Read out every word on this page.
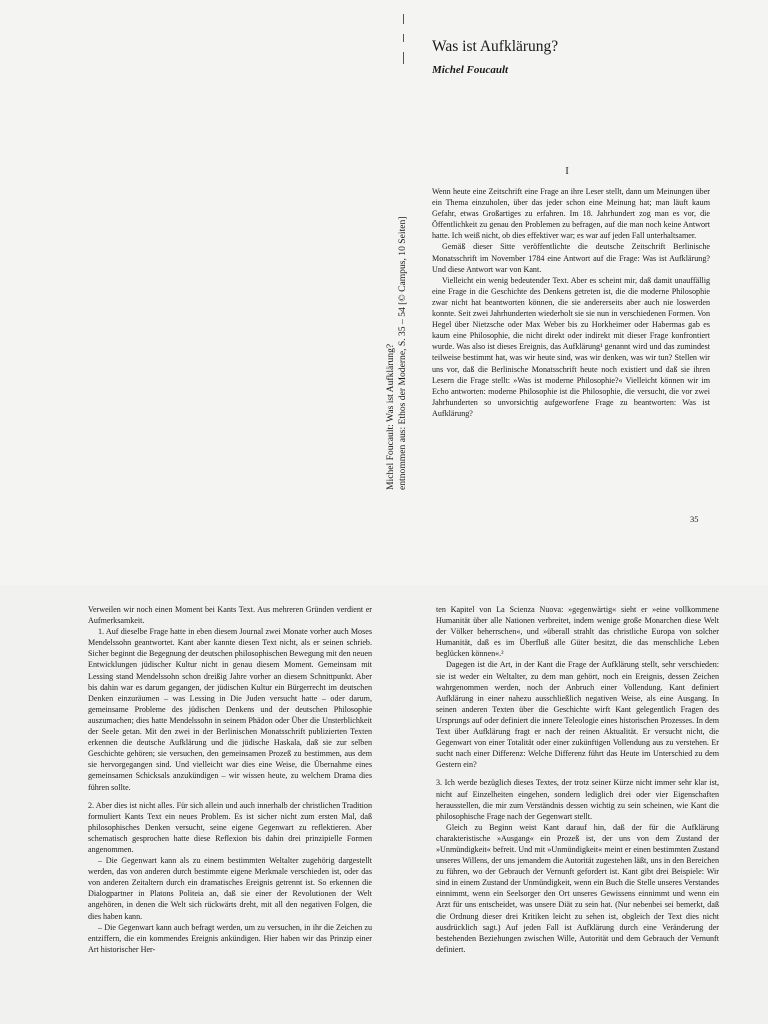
Was ist Aufklärung?
Michel Foucault
Michel Foucault: Was ist Aufklärung? entnommen aus: Ethos der Moderne, S. 35 – 54 [© Campus, 10 Seiten]
I

Wenn heute eine Zeitschrift eine Frage an ihre Leser stellt, dann um Meinungen über ein Thema einzuholen, über das jeder schon eine Meinung hat; man läuft kaum Gefahr, etwas Großartiges zu erfahren. Im 18. Jahrhundert zog man es vor, die Öffentlichkeit zu genau den Problemen zu befragen, auf die man noch keine Antwort hatte. Ich weiß nicht, ob dies effektiver war; es war auf jeden Fall unterhaltsamer.

Gemäß dieser Sitte veröffentlichte die deutsche Zeitschrift Berlinische Monatsschrift im November 1784 eine Antwort auf die Frage: Was ist Aufklärung? Und diese Antwort war von Kant.

Vielleicht ein wenig bedeutender Text. Aber es scheint mir, daß damit unauffällig eine Frage in die Geschichte des Denkens getreten ist, die die moderne Philosophie zwar nicht hat beantworten können, die sie andererseits aber auch nie loswerden konnte. Seit zwei Jahrhunderten wiederholt sie sie nun in verschiedenen Formen. Von Hegel über Nietzsche oder Max Weber bis zu Horkheimer oder Habermas gab es kaum eine Philosophie, die nicht direkt oder indirekt mit dieser Frage konfrontiert wurde. Was also ist dieses Ereignis, das Aufklärung¹ genannt wird und das zumindest teilweise bestimmt hat, was wir heute sind, was wir denken, was wir tun? Stellen wir uns vor, daß die Berlinische Monatsschrift heute noch existiert und daß sie ihren Lesern die Frage stellt: »Was ist moderne Philosophie?« Vielleicht können wir im Echo antworten: moderne Philosophie ist die Philosophie, die versucht, die vor zwei Jahrhunderten so unvorsichtig aufgeworfene Frage zu beantworten: Was ist Aufklärung?

35

Verweilen wir noch einen Moment bei Kants Text. Aus mehreren Gründen verdient er Aufmerksamkeit.

1. Auf dieselbe Frage hatte in eben diesem Journal zwei Monate vorher auch Moses Mendelssohn geantwortet. Kant aber kannte diesen Text nicht, als er seinen schrieb. Sicher beginnt die Begegnung der deutschen philosophischen Bewegung mit den neuen Entwicklungen jüdischer Kultur nicht in genau diesem Moment. Gemeinsam mit Lessing stand Mendelssohn schon dreißig Jahre vorher an diesem Schnittpunkt. Aber bis dahin war es darum gegangen, der jüdischen Kultur ein Bürgerrecht im deutschen Denken einzuräumen – was Lessing in Die Juden versucht hatte – oder darum, gemeinsame Probleme des jüdischen Denkens und der deutschen Philosophie auszumachen; dies hatte Mendelssohn in seinem Phädon oder Über die Unsterblichkeit der Seele getan. Mit den zwei in der Berlinischen Monatsschrift publizierten Texten erkennen die deutsche Aufklärung und die jüdische Haskala, daß sie zur selben Geschichte gehören; sie versuchen, den gemeinsamen Prozeß zu bestimmen, aus dem sie hervorgegangen sind. Und vielleicht war dies eine Weise, die Übernahme eines gemeinsamen Schicksals anzukündigen – wir wissen heute, zu welchem Drama dies führen sollte.

2. Aber dies ist nicht alles. Für sich allein und auch innerhalb der christlichen Tradition formuliert Kants Text ein neues Problem. Es ist sicher nicht zum ersten Mal, daß philosophisches Denken versucht, seine eigene Gegenwart zu reflektieren. Aber schematisch gesprochen hatte diese Reflexion bis dahin drei prinzipielle Formen angenommen.

– Die Gegenwart kann als zu einem bestimmten Weltalter zugehörig dargestellt werden, das von anderen durch bestimmte eigene Merkmale verschieden ist, oder das von anderen Zeitaltern durch ein dramatisches Ereignis getrennt ist. So erkennen die Dialogpartner in Platons Politeia an, daß sie einer der Revolutionen der Welt angehören, in denen die Welt sich rückwärts dreht, mit all den negativen Folgen, die dies haben kann.

– Die Gegenwart kann auch befragt werden, um zu versuchen, in ihr die Zeichen zu entziffern, die ein kommendes Ereignis ankündigen. Hier haben wir das Prinzip einer Art historischer Her-

ten Kapitel von La Scienza Nuova: »gegenwärtig« sieht er »eine vollkommene Humanität über alle Nationen verbreitet, indem wenige große Monarchen diese Welt der Völker beherrschen«, und »überall strahlt das christliche Europa von solcher Humanität, daß es im Überfluß alle Güter besitzt, die das menschliche Leben beglücken können«.²

Dagegen ist die Art, in der Kant die Frage der Aufklärung stellt, sehr verschieden: sie ist weder ein Weltalter, zu dem man gehört, noch ein Ereignis, dessen Zeichen wahrgenommen werden, noch der Anbruch einer Vollendung. Kant definiert Aufklärung in einer nahezu ausschließlich negativen Weise, als eine Ausgang. In seinen anderen Texten über die Geschichte wirft Kant gelegentlich Fragen des Ursprungs auf oder definiert die innere Teleologie eines historischen Prozesses. In dem Text über Aufklärung fragt er nach der reinen Aktualität. Er versucht nicht, die Gegenwart von einer Totalität oder einer zukünftigen Vollendung aus zu verstehen. Er sucht nach einer Differenz: Welche Differenz führt das Heute im Unterschied zu dem Gestern ein?

3. Ich werde bezüglich dieses Textes, der trotz seiner Kürze nicht immer sehr klar ist, nicht auf Einzelheiten eingehen, sondern lediglich drei oder vier Eigenschaften herausstellen, die mir zum Verständnis dessen wichtig zu sein scheinen, wie Kant die philosophische Frage nach der Gegenwart stellt.

Gleich zu Beginn weist Kant darauf hin, daß der für die Aufklärung charakteristische »Ausgang« ein Prozeß ist, der uns von dem Zustand der »Unmündigkeit« befreit. Und mit »Unmündigkeit« meint er einen bestimmten Zustand unseres Willens, der uns jemandem die Autorität zugestehen läßt, uns in den Bereichen zu führen, wo der Gebrauch der Vernunft gefordert ist. Kant gibt drei Beispiele: Wir sind in einem Zustand der Unmündigkeit, wenn ein Buch die Stelle unseres Verstandes einnimmt, wenn ein Seelsorger den Ort unseres Gewissens einnimmt und wenn ein Arzt für uns entscheidet, was unsere Diät zu sein hat. (Nur nebenbei sei bemerkt, daß die Ordnung dieser drei Kritiken leicht zu sehen ist, obgleich der Text dies nicht ausdrücklich sagt.) Auf jeden Fall ist Aufklärung durch eine Veränderung der bestehenden Beziehungen zwischen Wille, Autorität und dem Gebrauch der Vernunft definiert.
